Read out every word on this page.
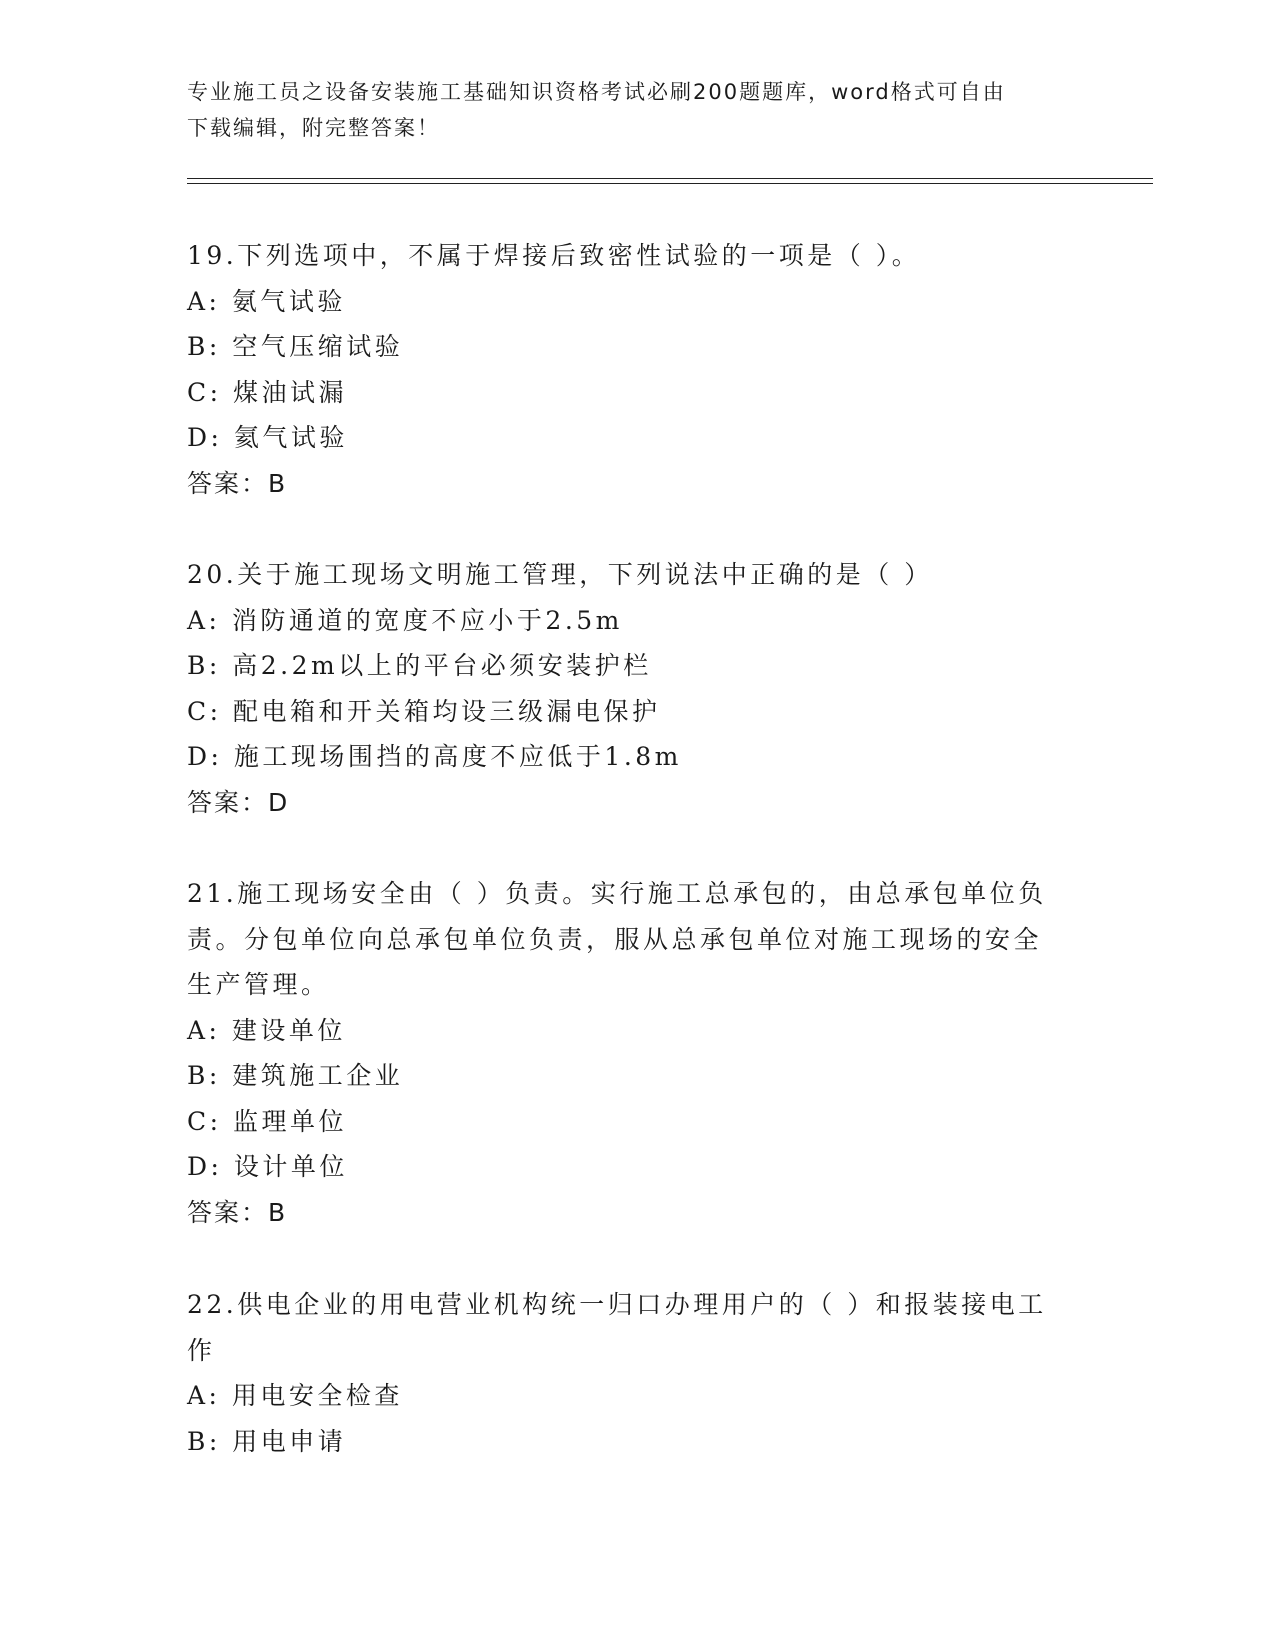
专业施工员之设备安装施工基础知识资格考试必刷200题题库，word格式可自由
下载编辑，附完整答案！
19.下列选项中，不属于焊接后致密性试验的一项是（ ）。
A: 氨气试验
B: 空气压缩试验
C: 煤油试漏
D: 氦气试验
答案：B
20.关于施工现场文明施工管理，下列说法中正确的是（ ）
A: 消防通道的宽度不应小于2.5m
B: 高2.2m以上的平台必须安装护栏
C: 配电箱和开关箱均设三级漏电保护
D: 施工现场围挡的高度不应低于1.8m
答案：D
21.施工现场安全由（ ）负责。实行施工总承包的，由总承包单位负
责。分包单位向总承包单位负责，服从总承包单位对施工现场的安全
生产管理。
A: 建设单位
B: 建筑施工企业
C: 监理单位
D: 设计单位
答案：B
22.供电企业的用电营业机构统一归口办理用户的（ ）和报装接电工
作
A: 用电安全检查
B: 用电申请
